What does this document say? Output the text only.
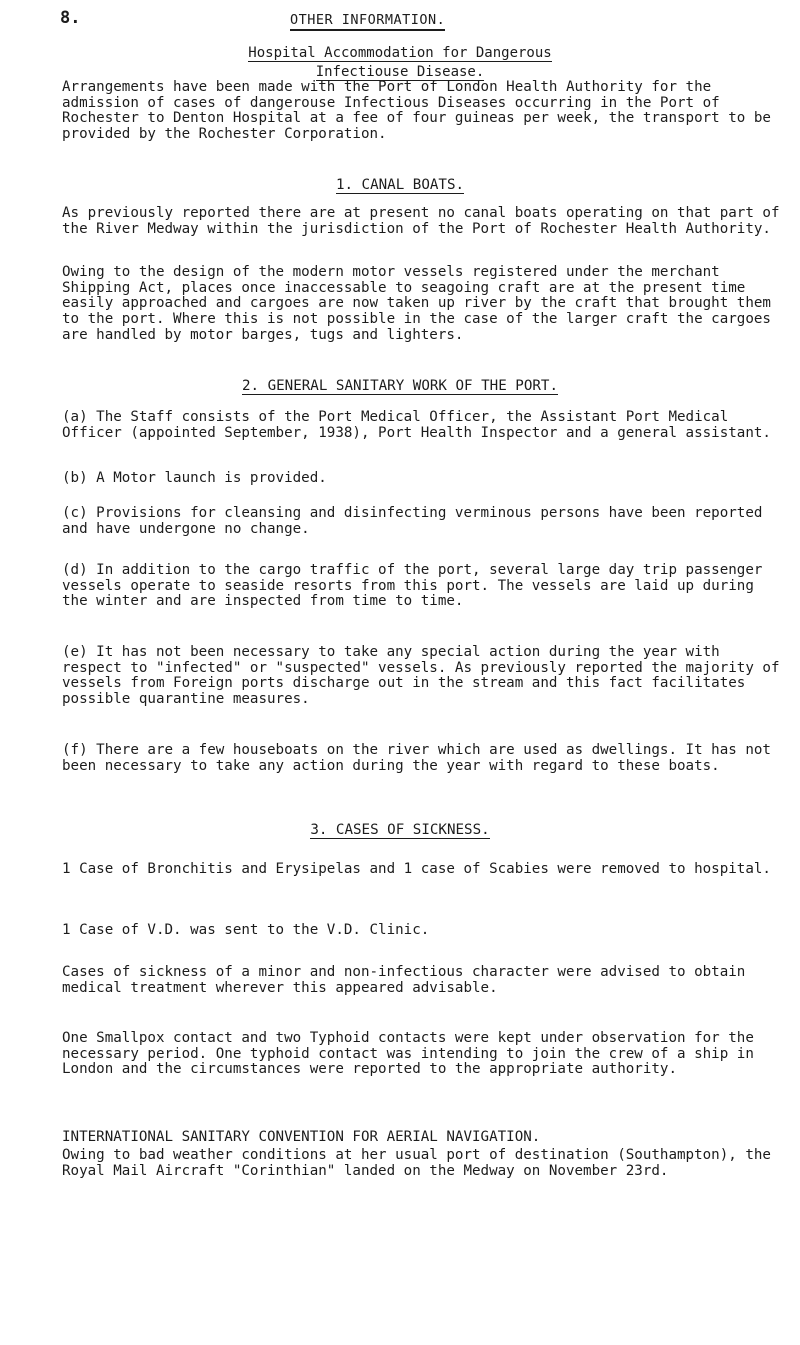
8.	OTHER INFORMATION.
Hospital Accommodation for Dangerous
Infectiouse Disease.

Arrangements have been made with the Port of London Health Authority for the admission of cases of dangerouse Infectious Diseases occurring in the Port of Rochester to Denton Hospital at a fee of four guineas per week, the transport to be provided by the Rochester Corporation.

1. CANAL BOATS.

As previously reported there are at present no canal boats operating on that part of the River Medway within the jurisdiction of the Port of Rochester Health Authority.

Owing to the design of the modern motor vessels registered under the merchant Shipping Act, places once inaccessable to seagoing craft are at the present time easily approached and cargoes are now taken up river by the craft that brought them to the port. Where this is not possible in the case of the larger craft the cargoes are handled by motor barges, tugs and lighters.

2. GENERAL SANITARY WORK OF THE PORT.

(a) The Staff consists of the Port Medical Officer, the Assistant Port Medical Officer (appointed September, 1938), Port Health Inspector and a general assistant.

(b) A Motor launch is provided.

(c) Provisions for cleansing and disinfecting verminous persons have been reported and have undergone no change.

(d) In addition to the cargo traffic of the port, several large day trip passenger vessels operate to seaside resorts from this port. The vessels are laid up during the winter and are inspected from time to time.

(e) It has not been necessary to take any special action during the year with respect to "infected" or "suspected" vessels. As previously reported the majority of vessels from Foreign ports discharge out in the stream and this fact facilitates possible quarantine measures.

(f) There are a few houseboats on the river which are used as dwellings. It has not been necessary to take any action during the year with regard to these boats.

3. CASES OF SICKNESS.

1 Case of Bronchitis and Erysipelas and 1 case of Scabies were removed to hospital.

1 Case of V.D. was sent to the V.D. Clinic.

Cases of sickness of a minor and non-infectious character were advised to obtain medical treatment wherever this appeared advisable.

One Smallpox contact and two Typhoid contacts were kept under observation for the necessary period. One typhoid contact was intending to join the crew of a ship in London and the circumstances were reported to the appropriate authority.

INTERNATIONAL SANITARY CONVENTION FOR AERIAL NAVIGATION.

Owing to bad weather conditions at her usual port of destination (Southampton), the Royal Mail Aircraft "Corinthian" landed on the Medway on November 23rd.
